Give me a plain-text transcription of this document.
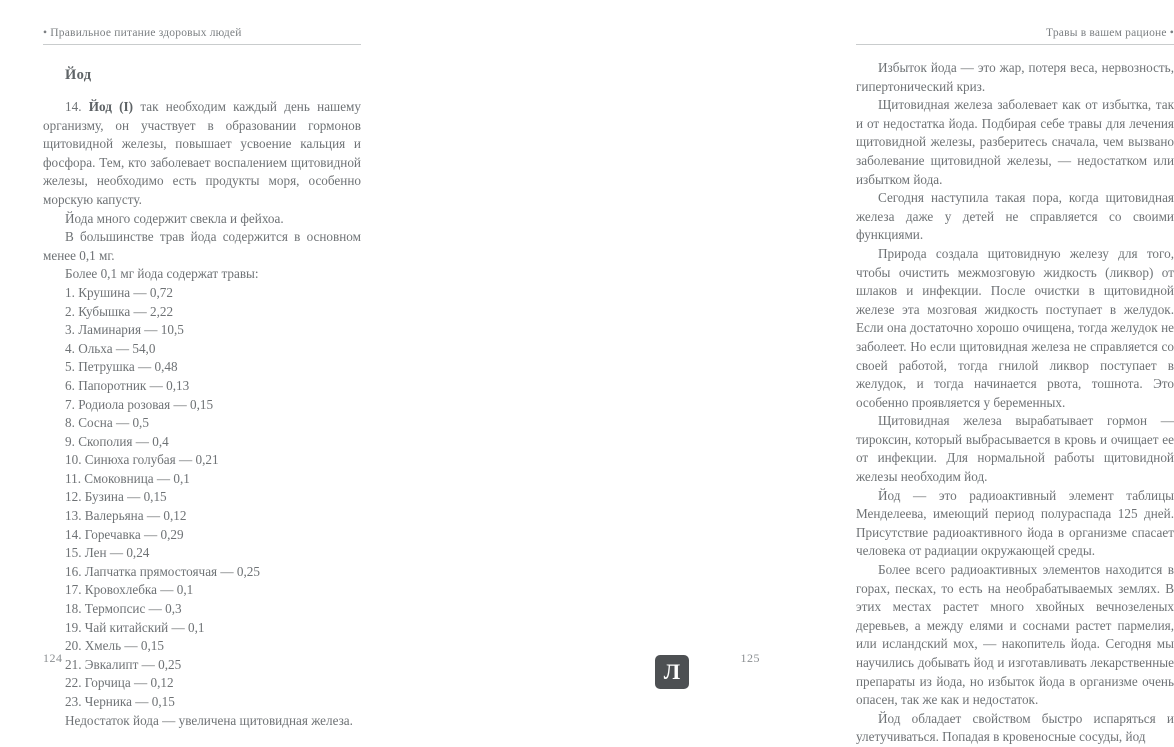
• Правильное питание здоровых людей
Йод

14. Йод (I) так необходим каждый день нашему организму, он участвует в образовании гормонов щитовидной железы, повышает усвоение кальция и фосфора. Тем, кто заболевает воспалением щитовидной железы, необходимо есть продукты моря, особенно морскую капусту.

Йода много содержит свекла и фейхоа.

В большинстве трав йода содержится в основном менее 0,1 мг.

Более 0,1 мг йода содержат травы:

1. Крушина — 0,72
2. Кубышка — 2,22
3. Ламинария — 10,5
4. Ольха — 54,0
5. Петрушка — 0,48
6. Папоротник — 0,13
7. Родиола розовая — 0,15
8. Сосна — 0,5
9. Скополия — 0,4
10. Синюха голубая — 0,21
11. Смоковница — 0,1
12. Бузина — 0,15
13. Валерьяна — 0,12
14. Горечавка — 0,29
15. Лен — 0,24
16. Лапчатка прямостоячая — 0,25
17. Кровохлебка — 0,1
18. Термопсис — 0,3
19. Чай китайский — 0,1
20. Хмель — 0,15
21. Эвкалипт — 0,25
22. Горчица — 0,12
23. Черника — 0,15

Недостаток йода — увеличена щитовидная железа.

124
Травы в вашем рационе •

Избыток йода — это жар, потеря веса, нервозность, гипертонический криз.

Щитовидная железа заболевает как от избытка, так и от недостатка йода. Подбирая себе травы для лечения щитовидной железы, разберитесь сначала, чем вызвано заболевание щитовидной железы, — недостатком или избытком йода.

Сегодня наступила такая пора, когда щитовидная железа даже у детей не справляется со своими функциями.

Природа создала щитовидную железу для того, чтобы очистить межмозговую жидкость (ликвор) от шлаков и инфекции. После очистки в щитовидной железе эта мозговая жидкость поступает в желудок. Если она достаточно хорошо очищена, тогда желудок не заболеет. Но если щитовидная железа не справляется со своей работой, тогда гнилой ликвор поступает в желудок, и тогда начинается рвота, тошнота. Это особенно проявляется у беременных.

Щитовидная железа вырабатывает гормон — тироксин, который выбрасывается в кровь и очищает ее от инфекции. Для нормальной работы щитовидной железы необходим йод.

Йод — это радиоактивный элемент таблицы Менделеева, имеющий период полураспада 125 дней. Присутствие радиоактивного йода в организме спасает человека от радиации окружающей среды.

Более всего радиоактивных элементов находится в горах, песках, то есть на необрабатываемых землях. В этих местах растет много хвойных вечнозеленых деревьев, а между елями и соснами растет пармелия, или исландский мох, — накопитель йода. Сегодня мы научились добывать йод и изготавливать лекарственные препараты из йода, но избыток йода в организме очень опасен, так же как и недостаток.

Йод обладает свойством быстро испаряться и улетучиваться. Попадая в кровеносные сосуды, йод

125
Л
